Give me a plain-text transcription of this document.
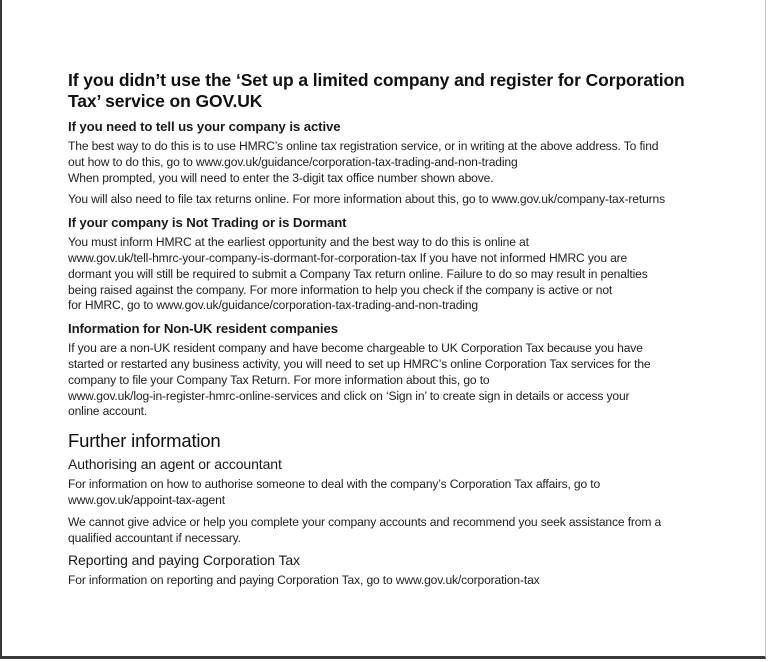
If you didn’t use the ‘Set up a limited company and register for Corporation
Tax’ service on GOV.UK
If you need to tell us your company is active

The best way to do this is to use HMRC’s online tax registration service, or in writing at the above address. To find
out how to do this, go to www.gov.uk/guidance/corporation-tax-trading-and-non-trading
When prompted, you will need to enter the 3-digit tax office number shown above.

You will also need to file tax returns online. For more information about this, go to www.gov.uk/company-tax-returns

If your company is Not Trading or is Dormant

You must inform HMRC at the earliest opportunity and the best way to do this is online at
www.gov.uk/tell-hmrc-your-company-is-dormant-for-corporation-tax If you have not informed HMRC you are
dormant you will still be required to submit a Company Tax return online. Failure to do so may result in penalties
being raised against the company. For more information to help you check if the company is active or not
for HMRC, go to www.gov.uk/guidance/corporation-tax-trading-and-non-trading

Information for Non-UK resident companies

If you are a non-UK resident company and have become chargeable to UK Corporation Tax because you have
started or restarted any business activity, you will need to set up HMRC’s online Corporation Tax services for the
company to file your Company Tax Return. For more information about this, go to
www.gov.uk/log-in-register-hmrc-online-services and click on ‘Sign in’ to create sign in details or access your
online account.

Further information
Authorising an agent or accountant

For information on how to authorise someone to deal with the company’s Corporation Tax affairs, go to
www.gov.uk/appoint-tax-agent

We cannot give advice or help you complete your company accounts and recommend you seek assistance from a
qualified accountant if necessary.

Reporting and paying Corporation Tax

For information on reporting and paying Corporation Tax, go to www.gov.uk/corporation-tax
